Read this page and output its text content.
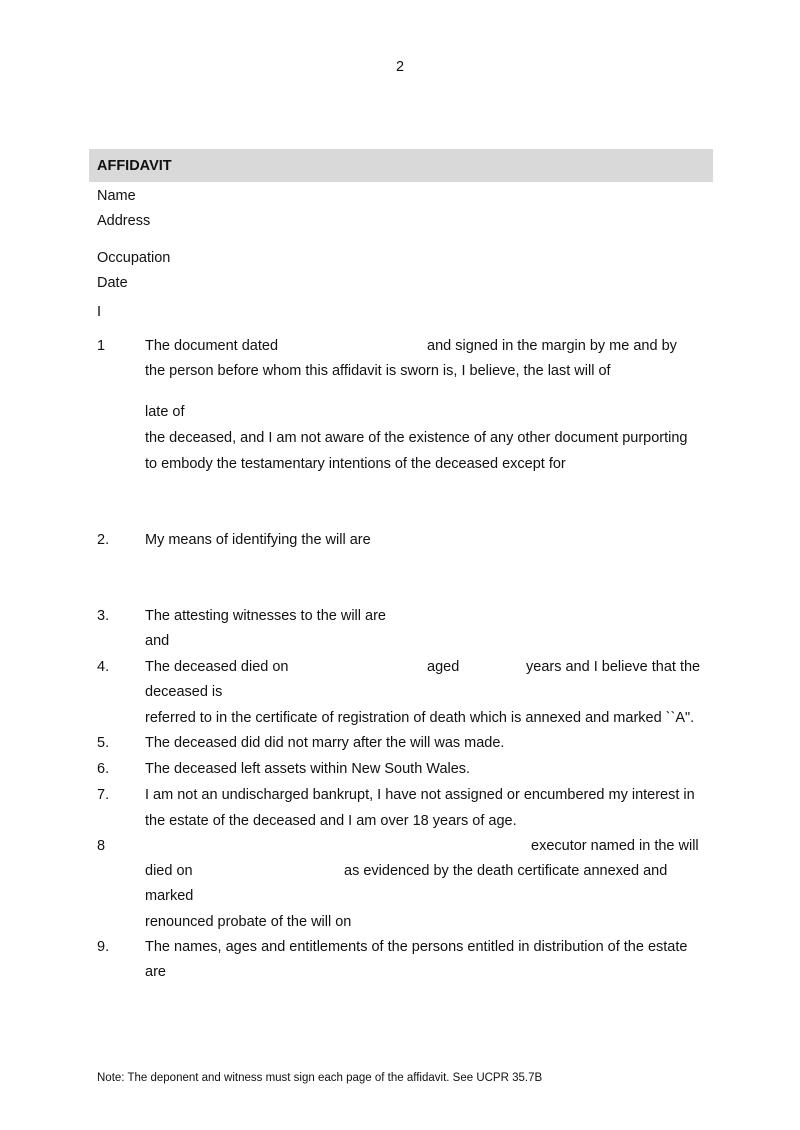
2
AFFIDAVIT
Name
Address
Occupation
Date
I
1	The document dated	and signed in the margin by me and by
the person before whom this affidavit is sworn is, I believe, the last will of
late of
the deceased, and I am not aware of the existence of any other document purporting
to embody the testamentary intentions of the deceased except for
2. My means of identifying the will are
3. The attesting witnesses to the will are
and
4. The deceased died on	aged	years and I believe that the
deceased is
referred to in the certificate of registration of death which is annexed and marked ``A".
5. The deceased did did not marry after the will was made.
6. The deceased left assets within New South Wales.
7. I am not an undischarged bankrupt, I have not assigned or encumbered my interest in
the estate of the deceased and I am over 18 years of age.
8	executor named in the will
died on	as evidenced by the death certificate annexed and
marked
renounced probate of the will on
9. The names, ages and entitlements of the persons entitled in distribution of the estate
are
Note: The deponent and witness must sign each page of the affidavit. See UCPR 35.7B
